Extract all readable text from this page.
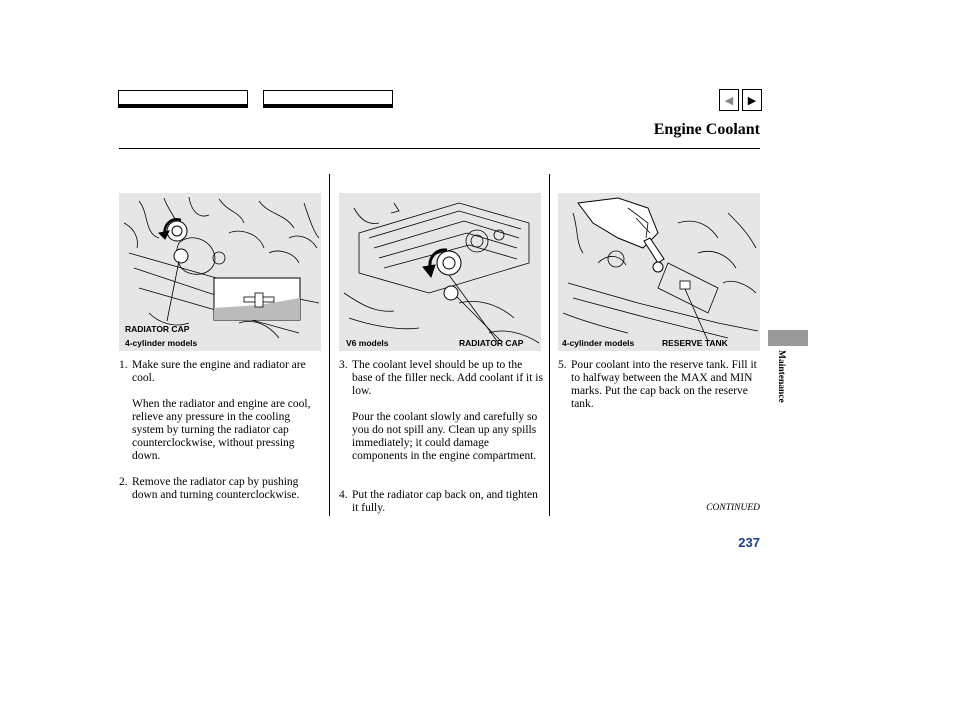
◀ ▶
Engine Coolant
RADIATOR CAP
4-cylinder models	V6 models	RADIATOR CAP	4-cylinder models	RESERVE TANK
1. Make sure the engine and radiator are cool.
When the radiator and engine are cool, relieve any pressure in the cooling system by turning the radiator cap counterclockwise, without pressing down.
2. Remove the radiator cap by pushing down and turning counterclockwise.
3. The coolant level should be up to the base of the filler neck. Add coolant if it is low.
Pour the coolant slowly and carefully so you do not spill any. Clean up any spills immediately; it could damage components in the engine compartment.
4. Put the radiator cap back on, and tighten it fully.
5. Pour coolant into the reserve tank. Fill it to halfway between the MAX and MIN marks. Put the cap back on the reserve tank.
CONTINUED
237
Maintenance
